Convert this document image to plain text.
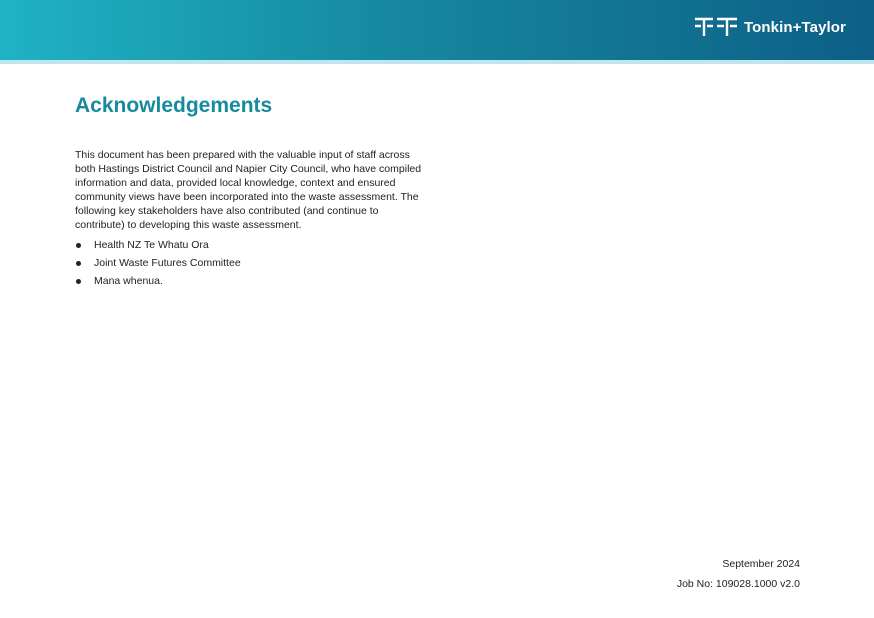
Tonkin+Taylor
Acknowledgements

This document has been prepared with the valuable input of staff across both Hastings District Council and Napier City Council, who have compiled information and data, provided local knowledge, context and ensured community views have been incorporated into the waste assessment. The following key stakeholders have also contributed (and continue to contribute) to developing this waste assessment.

Health NZ Te Whatu Ora
Joint Waste Futures Committee
Mana whenua.
September 2024
Job No: 109028.1000 v2.0
